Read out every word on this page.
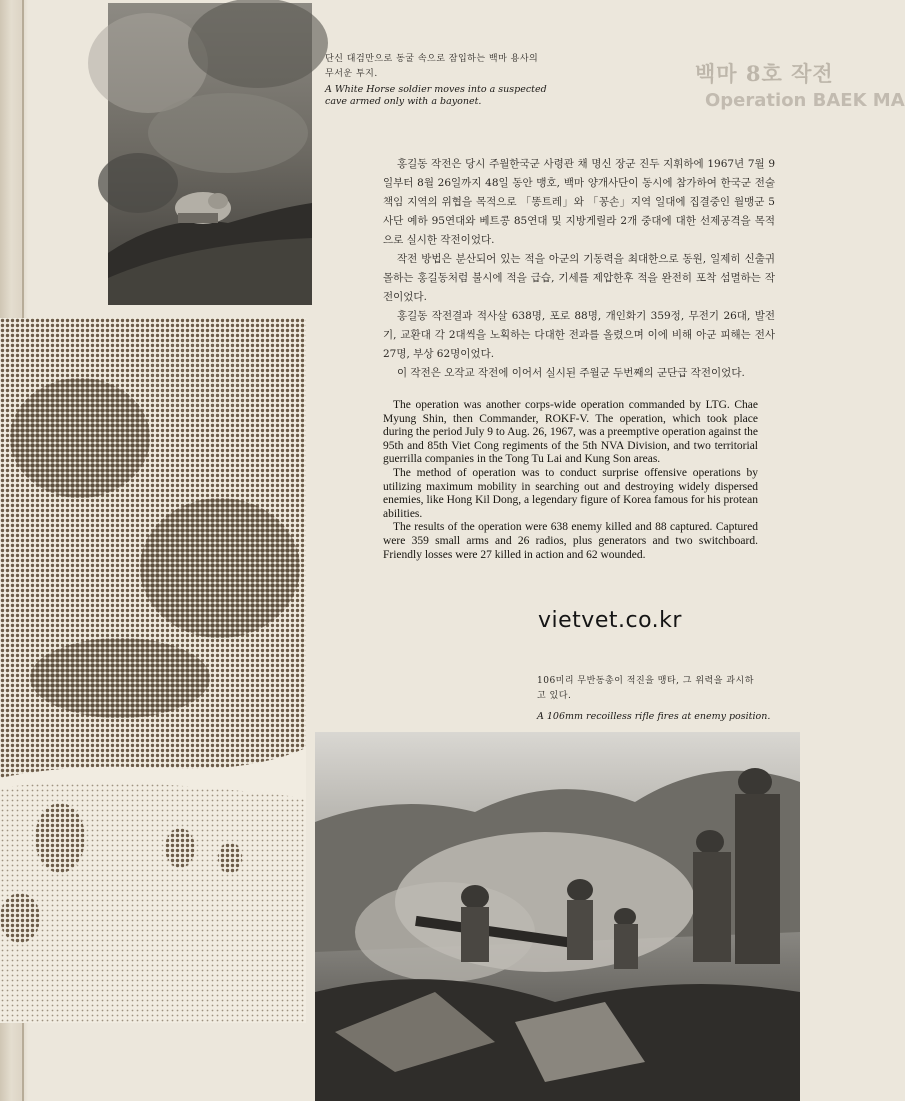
단신 대검만으로 동굴 속으로 잠입하는 백마 용사의 무서운 투지.
A White Horse soldier moves into a suspected cave armed only with a bayonet.
백마 8호 작전
Operation BAEK MA

홍길동 작전은 당시 주월한국군 사령관 채 명신 장군 진두 지휘하에 1967년 7월 9일부터 8월 26일까지 48일 동안 맹호, 백마 양개사단이 동시에 참가하여 한국군 전술 책임 지역의 위협을 목적으로 「똥트레」와 「꽁손」지역 일대에 집결중인 월맹군 5사단 예하 95연대와 베트콩 85연대 및 지방게릴라 2개 중대에 대한 선제공격을 목적으로 실시한 작전이었다.

작전 방법은 분산되어 있는 적을 아군의 기동력을 최대한으로 동원, 일제히 신출귀몰하는 홍길동처럼 불시에 적을 급습, 기세를 제압한후 적을 완전히 포착 섬멸하는 작전이었다.

홍길동 작전결과 적사살 638명, 포로 88명, 개인화기 359정, 무전기 26대, 발전기, 교환대 각 2대씩을 노획하는 다대한 전과를 올렸으며 이에 비해 아군 피해는 전사 27명, 부상 62명이었다.

이 작전은 오작교 작전에 이어서 실시된 주월군 두번째의 군단급 작전이었다.

The operation was another corps-wide operation commanded by LTG. Chae Myung Shin, then Commander, ROKF-V. The operation, which took place during the period July 9 to Aug. 26, 1967, was a preemptive operation against the 95th and 85th Viet Cong regiments of the 5th NVA Division, and two territorial guerrilla companies in the Tong Tu Lai and Kung Son areas.

The method of operation was to conduct surprise offensive operations by utilizing maximum mobility in searching out and destroying widely dispersed enemies, like Hong Kil Dong, a legendary figure of Korea famous for his protean abilities.

The results of the operation were 638 enemy killed and 88 captured. Captured were 359 small arms and 26 radios, plus generators and two switchboard. Friendly losses were 27 killed in action and 62 wounded.

vietvet.co.kr
106미리 무반동총이 적진을 맹타, 그 위력을 과시하고 있다.
A 106mm recoilless rifle fires at enemy position.
